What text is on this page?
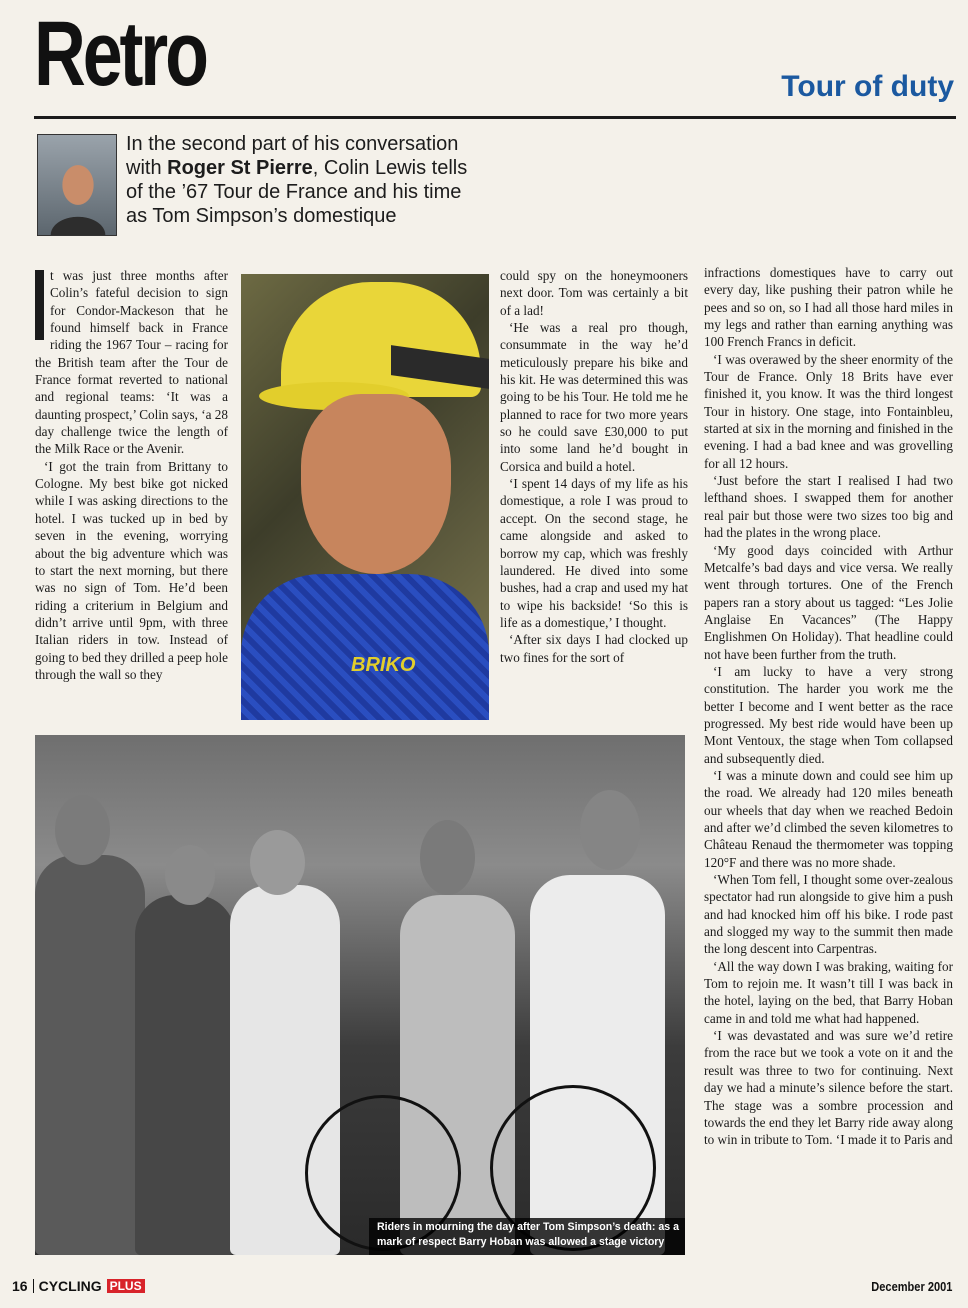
Retro	Tour of duty
In the second part of his conversation with Roger St Pierre, Colin Lewis tells of the ’67 Tour de France and his time as Tom Simpson’s domestique

t was just three months after Colin’s fateful decision to sign for Condor-Mackeson that he found himself back in France riding the 1967 Tour – racing for the British team after the Tour de France format reverted to national and regional teams: ‘It was a daunting prospect,’ Colin says, ‘a 28 day challenge twice the length of the Milk Race or the Avenir.

‘I got the train from Brittany to Cologne. My best bike got nicked while I was asking directions to the hotel. I was tucked up in bed by seven in the evening, worrying about the big adventure which was to start the next morning, but there was no sign of Tom. He’d been riding a criterium in Belgium and didn’t arrive until 9pm, with three Italian riders in tow. Instead of going to bed they drilled a peep hole through the wall so they	BRIKO

could spy on the honeymooners next door. Tom was certainly a bit of a lad!

‘He was a real pro though, consummate in the way he’d meticulously prepare his bike and his kit. He was determined this was going to be his Tour. He told me he planned to race for two more years so he could save £30,000 to put into some land he’d bought in Corsica and build a hotel.

‘I spent 14 days of my life as his domestique, a role I was proud to accept. On the second stage, he came alongside and asked to borrow my cap, which was freshly laundered. He dived into some bushes, had a crap and used my hat to wipe his backside! ‘So this is life as a domestique,’ I thought.

‘After six days I had clocked up two fines for the sort of

infractions domestiques have to carry out every day, like pushing their patron while he pees and so on, so I had all those hard miles in my legs and rather than earning anything was 100 French Francs in deficit.

‘I was overawed by the sheer enormity of the Tour de France. Only 18 Brits have ever finished it, you know. It was the third longest Tour in history. One stage, into Fontainbleu, started at six in the morning and finished in the evening. I had a bad knee and was grovelling for all 12 hours.

‘Just before the start I realised I had two lefthand shoes. I swapped them for another real pair but those were two sizes too big and had the plates in the wrong place.

‘My good days coincided with Arthur Metcalfe’s bad days and vice versa. We really went through tortures. One of the French papers ran a story about us tagged: “Les Jolie Anglaise En Vacances” (The Happy Englishmen On Holiday). That headline could not have been further from the truth.

‘I am lucky to have a very strong constitution. The harder you work me the better I become and I went better as the race progressed. My best ride would have been up Mont Ventoux, the stage when Tom collapsed and subsequently died.

‘I was a minute down and could see him up the road. We already had 120 miles beneath our wheels that day when we reached Bedoin and after we’d climbed the seven kilometres to Château Renaud the thermometer was topping 120°F and there was no more shade.

‘When Tom fell, I thought some over-zealous spectator had run alongside to give him a push and had knocked him off his bike. I rode past and slogged my way to the summit then made the long descent into Carpentras.

‘All the way down I was braking, waiting for Tom to rejoin me. It wasn’t till I was back in the hotel, laying on the bed, that Barry Hoban came in and told me what had happened.

‘I was devastated and was sure we’d retire from the race but we took a vote on it and the result was three to two for continuing. Next day we had a minute’s silence before the start. The stage was a sombre procession and towards the end they let Barry ride away along to win in tribute to Tom. ‘I made it to Paris and

Riders in mourning the day after Tom Simpson’s death: as a mark of respect Barry Hoban was allowed a stage victory
16 CYCLING PLUS	December 2001
